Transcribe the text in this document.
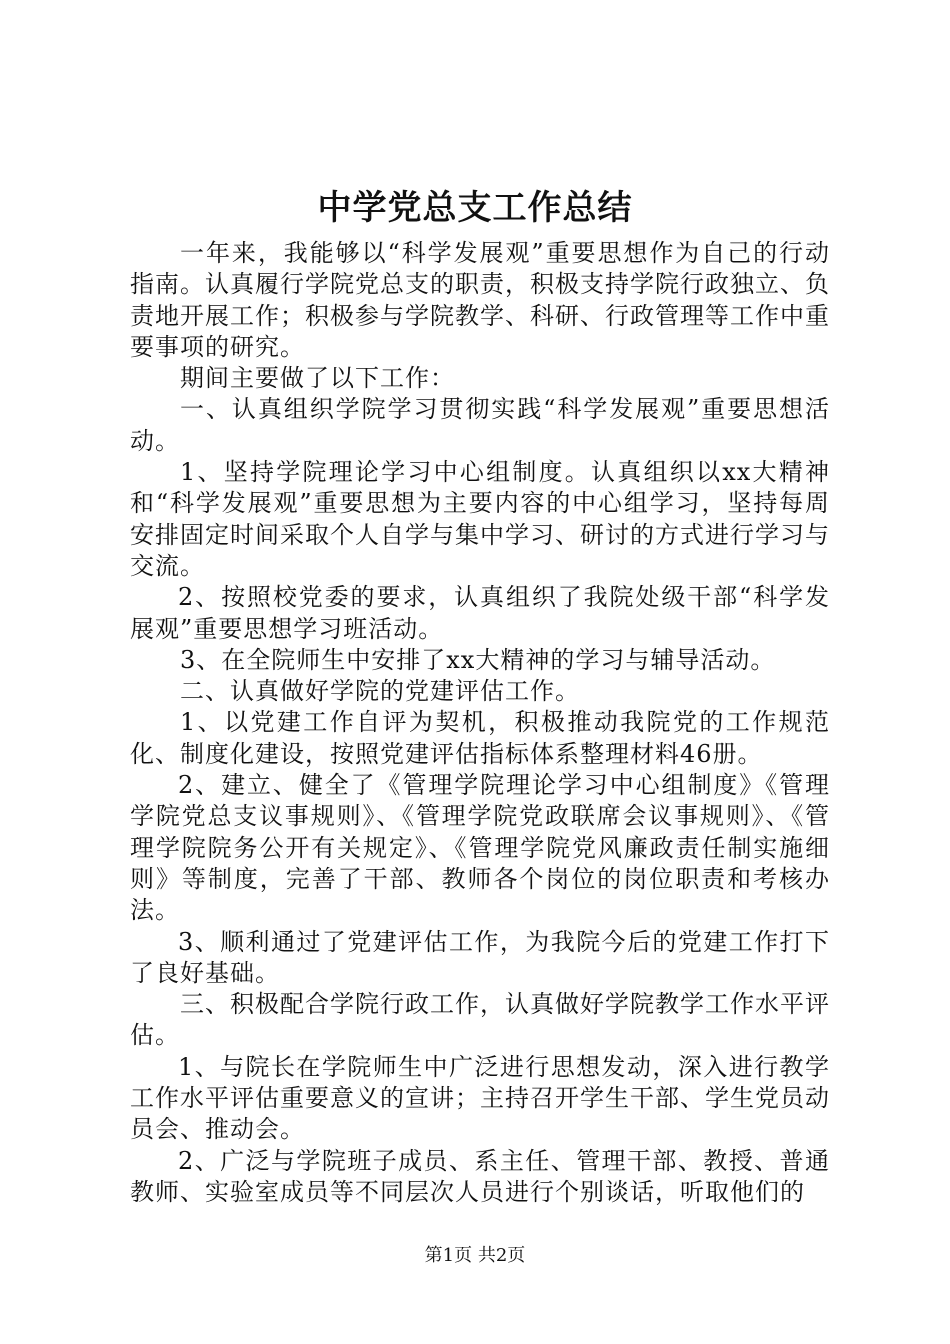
中学党总支工作总结

一年来，我能够以“科学发展观”重要思想作为自己的行动指南。认真履行学院党总支的职责，积极支持学院行政独立、负责地开展工作；积极参与学院教学、科研、行政管理等工作中重要事项的研究。

期间主要做了以下工作：

一、认真组织学院学习贯彻实践“科学发展观”重要思想活动。

1、坚持学院理论学习中心组制度。认真组织以xx大精神和“科学发展观”重要思想为主要内容的中心组学习，坚持每周安排固定时间采取个人自学与集中学习、研讨的方式进行学习与交流。

2、按照校党委的要求，认真组织了我院处级干部“科学发展观”重要思想学习班活动。

3、在全院师生中安排了xx大精神的学习与辅导活动。

二、认真做好学院的党建评估工作。

1、以党建工作自评为契机，积极推动我院党的工作规范化、制度化建设，按照党建评估指标体系整理材料46册。

2、建立、健全了《管理学院理论学习中心组制度》《管理学院党总支议事规则》、《管理学院党政联席会议事规则》、《管理学院院务公开有关规定》、《管理学院党风廉政责任制实施细则》等制度，完善了干部、教师各个岗位的岗位职责和考核办法。

3、顺利通过了党建评估工作，为我院今后的党建工作打下了良好基础。

三、积极配合学院行政工作，认真做好学院教学工作水平评估。

1、与院长在学院师生中广泛进行思想发动，深入进行教学工作水平评估重要意义的宣讲；主持召开学生干部、学生党员动员会、推动会。

2、广泛与学院班子成员、系主任、管理干部、教授、普通教师、实验室成员等不同层次人员进行个别谈话，听取他们的

第1页 共2页
